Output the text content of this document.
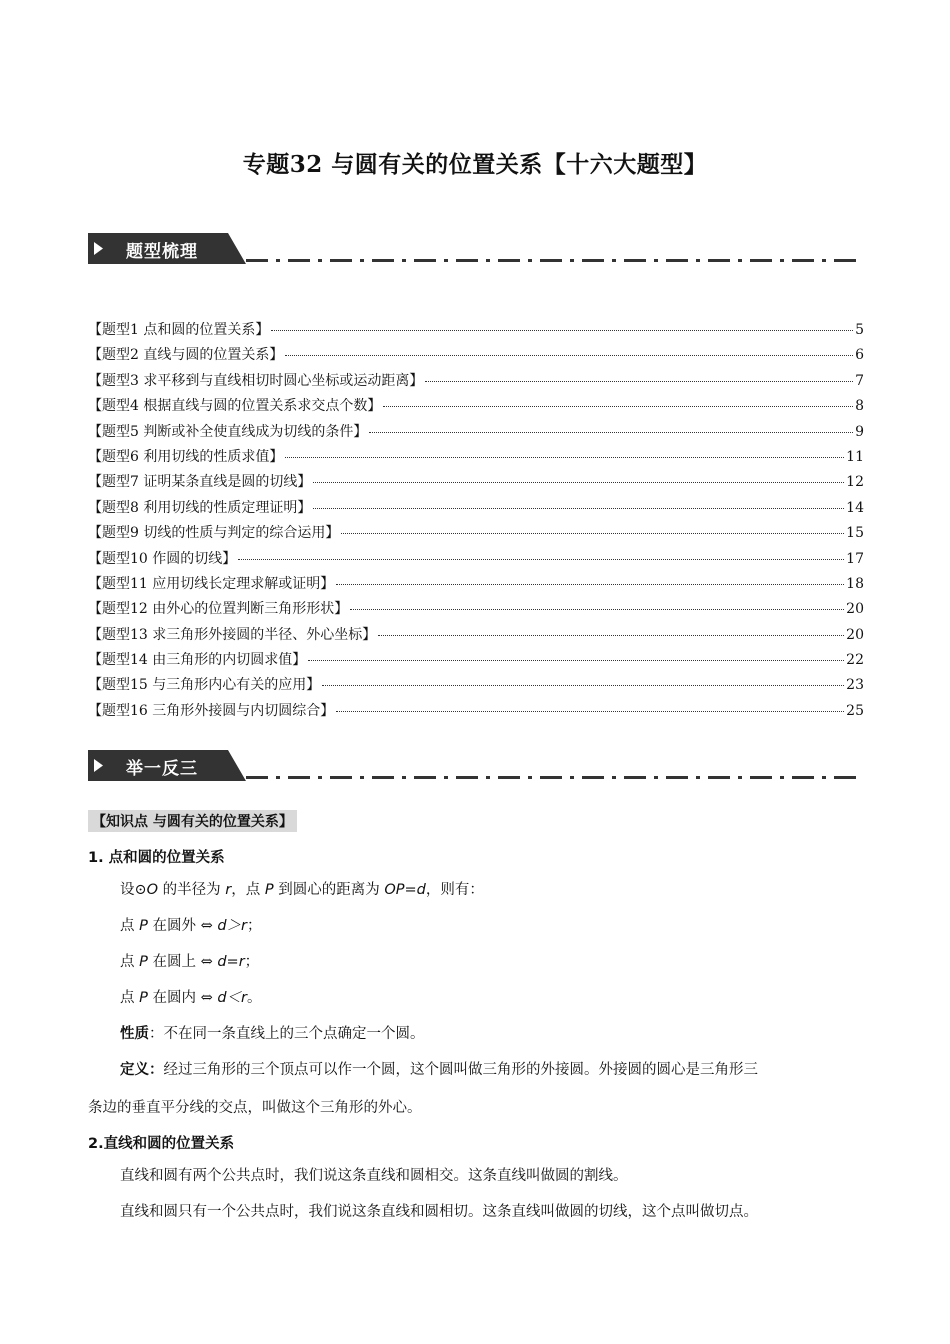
专题32 与圆有关的位置关系【十六大题型】
题型梳理
【题型1 点和圆的位置关系】	5
【题型2 直线与圆的位置关系】	6
【题型3 求平移到与直线相切时圆心坐标或运动距离】	7
【题型4 根据直线与圆的位置关系求交点个数】	8
【题型5 判断或补全使直线成为切线的条件】	9
【题型6 利用切线的性质求值】	11
【题型7 证明某条直线是圆的切线】	12
【题型8 利用切线的性质定理证明】	14
【题型9 切线的性质与判定的综合运用】	15
【题型10 作圆的切线】	17
【题型11 应用切线长定理求解或证明】	18
【题型12 由外心的位置判断三角形形状】	20
【题型13 求三角形外接圆的半径、外心坐标】	20
【题型14 由三角形的内切圆求值】	22
【题型15 与三角形内心有关的应用】	23
【题型16 三角形外接圆与内切圆综合】	25
举一反三
【知识点 与圆有关的位置关系】
1. 点和圆的位置关系
设⊙O 的半径为 r，点 P 到圆心的距离为 OP=d，则有：
点 P 在圆外 ⇔ d＞r；
点 P 在圆上 ⇔ d=r；
点 P 在圆内 ⇔ d＜r。
性质：不在同一条直线上的三个点确定一个圆。
定义：经过三角形的三个顶点可以作一个圆，这个圆叫做三角形的外接圆。外接圆的圆心是三角形三
条边的垂直平分线的交点，叫做这个三角形的外心。
2.直线和圆的位置关系
直线和圆有两个公共点时，我们说这条直线和圆相交。这条直线叫做圆的割线。
直线和圆只有一个公共点时，我们说这条直线和圆相切。这条直线叫做圆的切线，这个点叫做切点。
